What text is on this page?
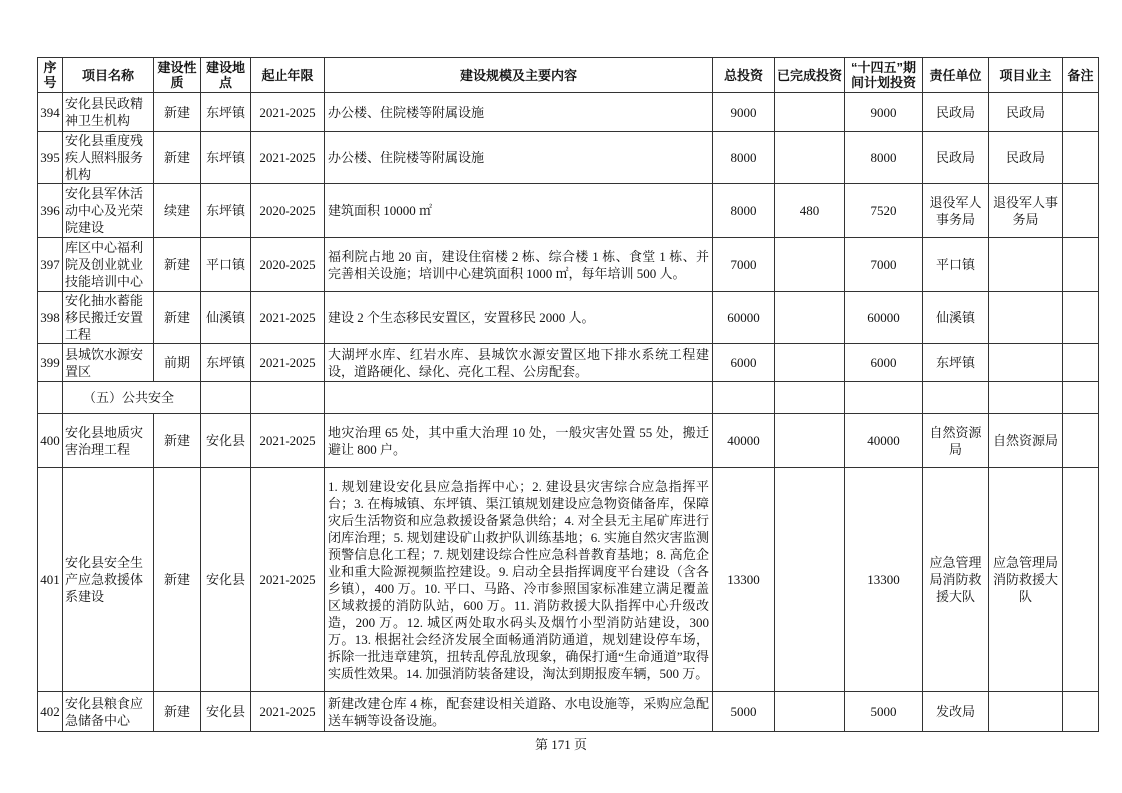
序号	项目名称	建设性质	建设地点	起止年限	建设规模及主要内容	总投资	已完成投资	“十四五”期间计划投资	责任单位	项目业主	备注
394	安化县民政精神卫生机构	新建	东坪镇	2021-2025	办公楼、住院楼等附属设施	9000		9000	民政局	民政局	
395	安化县重度残疾人照料服务机构	新建	东坪镇	2021-2025	办公楼、住院楼等附属设施	8000		8000	民政局	民政局	
396	安化县军休活动中心及光荣院建设	续建	东坪镇	2020-2025	建筑面积 10000 ㎡	8000	480	7520	退役军人事务局	退役军人事务局	
397	库区中心福利院及创业就业技能培训中心	新建	平口镇	2020-2025	福利院占地 20 亩，建设住宿楼 2 栋、综合楼 1 栋、食堂 1 栋、并完善相关设施；培训中心建筑面积 1000 ㎡，每年培训 500 人。	7000		7000	平口镇		
398	安化抽水蓄能移民搬迁安置工程	新建	仙溪镇	2021-2025	建设 2 个生态移民安置区，安置移民 2000 人。	60000		60000	仙溪镇		
399	县城饮水源安置区	前期	东坪镇	2021-2025	大湖坪水库、红岩水库、县城饮水源安置区地下排水系统工程建设，道路硬化、绿化、亮化工程、公房配套。	6000		6000	东坪镇		
	（五）公共安全										
400	安化县地质灾害治理工程	新建	安化县	2021-2025	地灾治理 65 处，其中重大治理 10 处，一般灾害处置 55 处，搬迁避让 800 户。	40000		40000	自然资源局	自然资源局	
401	安化县安全生产应急救援体系建设	新建	安化县	2021-2025	1. 规划建设安化县应急指挥中心；2. 建设县灾害综合应急指挥平台；3. 在梅城镇、东坪镇、渠江镇规划建设应急物资储备库，保障灾后生活物资和应急救援设备紧急供给；4. 对全县无主尾矿库进行闭库治理；5. 规划建设矿山救护队训练基地；6. 实施自然灾害监测预警信息化工程；7. 规划建设综合性应急科普教育基地；8. 高危企业和重大险源视频监控建设。9. 启动全县指挥调度平台建设（含各乡镇），400 万。10. 平口、马路、冷市参照国家标准建立满足覆盖区域救援的消防队站，600 万。11. 消防救援大队指挥中心升级改造，200 万。12. 城区两处取水码头及烟竹小型消防站建设，300 万。13. 根据社会经济发展全面畅通消防通道，规划建设停车场，拆除一批违章建筑，扭转乱停乱放现象，确保打通“生命通道”取得实质性效果。14. 加强消防装备建设，淘汰到期报废车辆，500 万。	13300		13300	应急管理局消防救援大队	应急管理局消防救援大队	
402	安化县粮食应急储备中心	新建	安化县	2021-2025	新建改建仓库 4 栋，配套建设相关道路、水电设施等，采购应急配送车辆等设备设施。	5000		5000	发改局		
第 171 页
